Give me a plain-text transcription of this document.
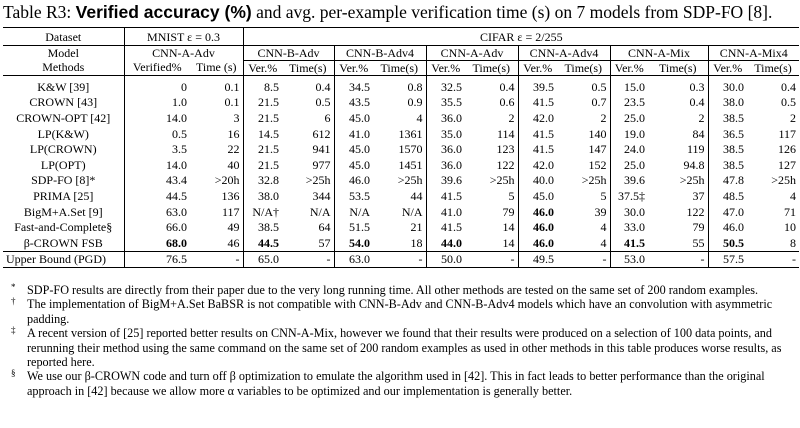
Table R3: Verified accuracy (%) and avg. per-example verification time (s) on 7 models from SDP-FO [8].
Dataset	MNIST ε = 0.3		CIFAR ε = 2/255											
Model	CNN-A-Adv		CNN-B-Adv		CNN-B-Adv4		CNN-A-Adv		CNN-A-Adv4		CNN-A-Mix		CNN-A-Mix4	
Methods	Verified%	Time (s)	Ver.%	Time(s)	Ver.%	Time(s)	Ver.%	Time(s)	Ver.%	Time(s)	Ver.%	Time(s)	Ver.%	Time(s)

K&W [39]	0	0.1	8.5	0.4	34.5	0.8	32.5	0.4	39.5	0.5	15.0	0.3	30.0	0.4
CROWN [43]	1.0	0.1	21.5	0.5	43.5	0.9	35.5	0.6	41.5	0.7	23.5	0.4	38.0	0.5
CROWN-OPT [42]	14.0	3	21.5	6	45.0	4	36.0	2	42.0	2	25.0	2	38.5	2
LP(K&W)	0.5	16	14.5	612	41.0	1361	35.0	114	41.5	140	19.0	84	36.5	117
LP(CROWN)	3.5	22	21.5	941	45.0	1570	36.0	123	41.5	147	24.0	119	38.5	126
LP(OPT)	14.0	40	21.5	977	45.0	1451	36.0	122	42.0	152	25.0	94.8	38.5	127
SDP-FO [8]*	43.4	>20h	32.8	>25h	46.0	>25h	39.6	>25h	40.0	>25h	39.6	>25h	47.8	>25h
PRIMA [25]	44.5	136	38.0	344	53.5	44	41.5	5	45.0	5	37.5‡	37	48.5	4
BigM+A.Set [9]	63.0	117	N/A†	N/A	N/A	N/A	41.0	79	46.0	39	30.0	122	47.0	71
Fast-and-Complete§	66.0	49	38.5	64	51.5	21	41.5	14	46.0	4	33.0	79	46.0	10
β-CROWN FSB	68.0	46	44.5	57	54.0	18	44.0	14	46.0	4	41.5	55	50.5	8
Upper Bound (PGD)	76.5	-	65.0	-	63.0	-	50.0	-	49.5	-	53.0	-	57.5	-
* SDP-FO results are directly from their paper due to the very long running time. All other methods are tested on the same set of 200 random examples.
† The implementation of BigM+A.Set BaBSR is not compatible with CNN-B-Adv and CNN-B-Adv4 models which have an convolution with asymmetric padding.
‡ A recent version of [25] reported better results on CNN-A-Mix, however we found that their results were produced on a selection of 100 data points, and rerunning their method using the same command on the same set of 200 random examples as used in other methods in this table produces worse results, as reported here.
§ We use our β-CROWN code and turn off β optimization to emulate the algorithm used in [42]. This in fact leads to better performance than the original approach in [42] because we allow more α variables to be optimized and our implementation is generally better.
